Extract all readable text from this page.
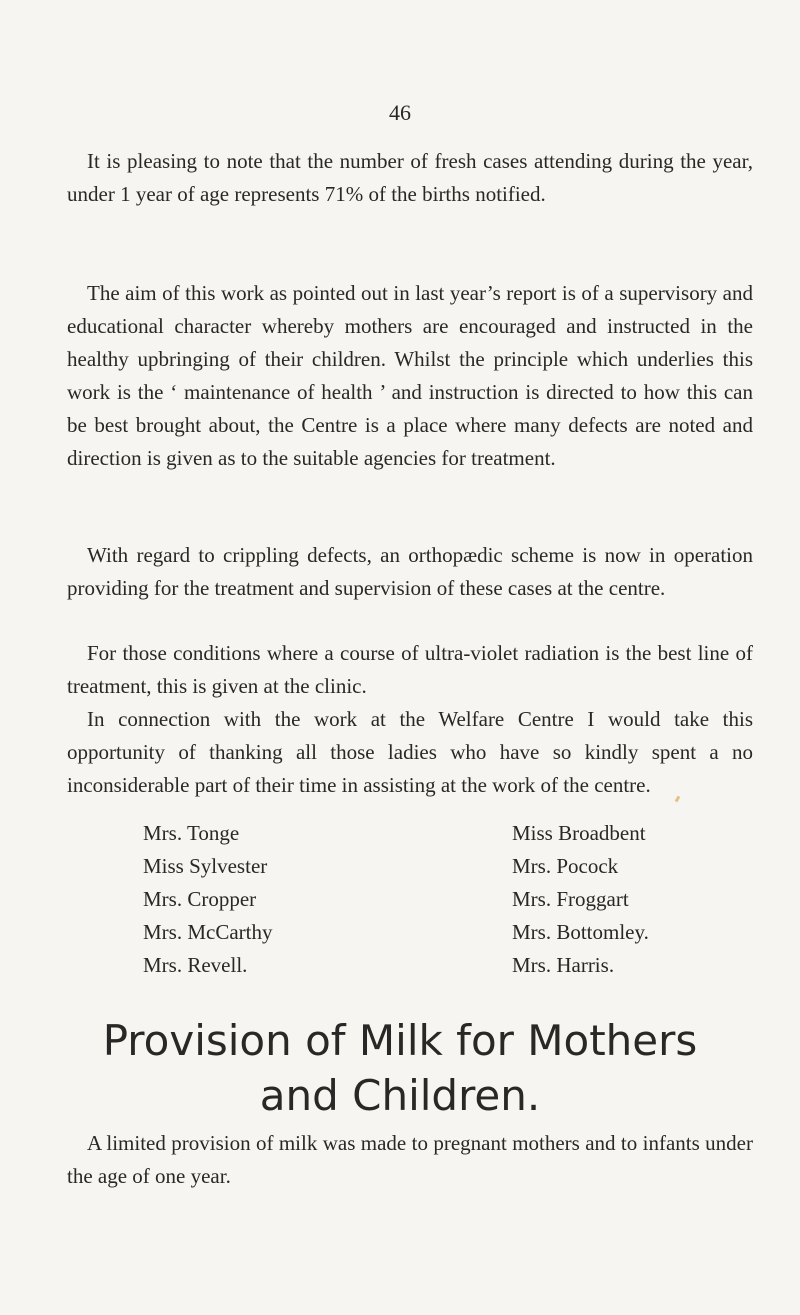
46

It is pleasing to note that the number of fresh cases attending during the year, under 1 year of age represents 71% of the births notified.

The aim of this work as pointed out in last year’s report is of a supervisory and educational character whereby mothers are encouraged and instructed in the healthy upbringing of their children. Whilst the principle which underlies this work is the ‘ maintenance of health ’ and instruction is directed to how this can be best brought about, the Centre is a place where many defects are noted and direction is given as to the suitable agencies for treatment.

With regard to crippling defects, an orthopædic scheme is now in operation providing for the treatment and supervision of these cases at the centre.

For those conditions where a course of ultra-violet radiation is the best line of treatment, this is given at the clinic.

In connection with the work at the Welfare Centre I would take this opportunity of thanking all those ladies who have so kindly spent a no inconsiderable part of their time in assisting at the work of the centre.

Mrs. Tonge
Miss Sylvester
Mrs. Cropper
Mrs. McCarthy
Mrs. Revell.
Miss Broadbent
Mrs. Pocock
Mrs. Froggart
Mrs. Bottomley.
Mrs. Harris.
Provision of Milk for Mothers
and Children.

A limited provision of milk was made to pregnant mothers and to infants under the age of one year.
